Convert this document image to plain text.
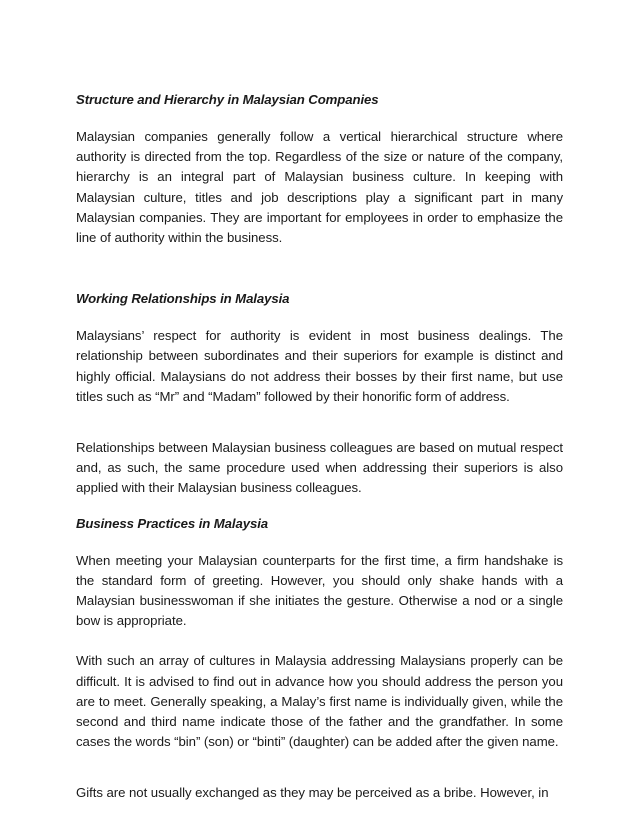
Structure and Hierarchy in Malaysian Companies

Malaysian companies generally follow a vertical hierarchical structure where authority is directed from the top. Regardless of the size or nature of the company, hierarchy is an integral part of Malaysian business culture. In keeping with Malaysian culture, titles and job descriptions play a significant part in many Malaysian companies. They are important for employees in order to emphasize the line of authority within the business.

Working Relationships in Malaysia

Malaysians’ respect for authority is evident in most business dealings. The relationship between subordinates and their superiors for example is distinct and highly official. Malaysians do not address their bosses by their first name, but use titles such as “Mr” and “Madam” followed by their honorific form of address.

Relationships between Malaysian business colleagues are based on mutual respect and, as such, the same procedure used when addressing their superiors is also applied with their Malaysian business colleagues.

Business Practices in Malaysia

When meeting your Malaysian counterparts for the first time, a firm handshake is the standard form of greeting. However, you should only shake hands with a Malaysian businesswoman if she initiates the gesture. Otherwise a nod or a single bow is appropriate.

With such an array of cultures in Malaysia addressing Malaysians properly can be difficult. It is advised to find out in advance how you should address the person you are to meet. Generally speaking, a Malay’s first name is individually given, while the second and third name indicate those of the father and the grandfather. In some cases the words “bin” (son) or “binti” (daughter) can be added after the given name.

Gifts are not usually exchanged as they may be perceived as a bribe. However, in
